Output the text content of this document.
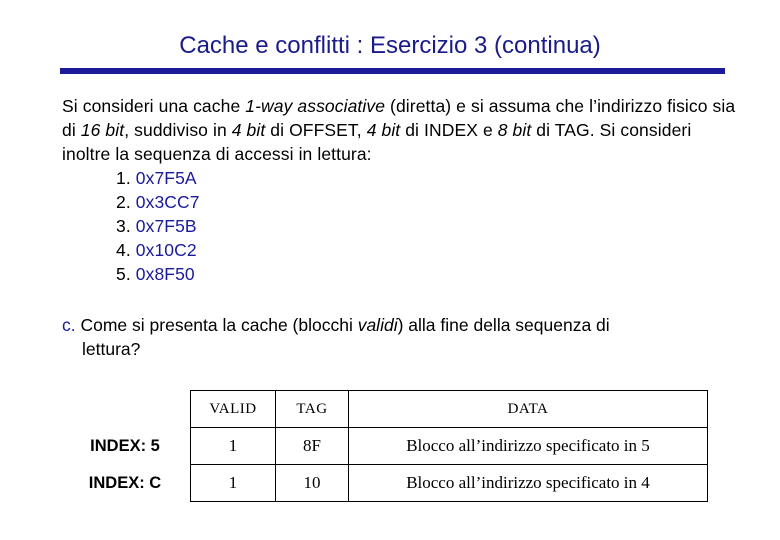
Cache e conflitti : Esercizio 3 (continua)

Si consideri una cache 1-way associative (diretta) e si assuma che l’indirizzo fisico sia di 16 bit, suddiviso in 4 bit di OFFSET, 4 bit di INDEX e 8 bit di TAG. Si consideri inoltre la sequenza di accessi in lettura:

1. 0x7F5A
2. 0x3CC7
3. 0x7F5B
4. 0x10C2
5. 0x8F50
c. Come si presenta la cache (blocchi validi) alla fine della sequenza di
lettura?
	VALID	TAG	DATA
INDEX: 5	1	8F	Blocco all’indirizzo specificato in 5
INDEX: C	1	10	Blocco all’indirizzo specificato in 4
